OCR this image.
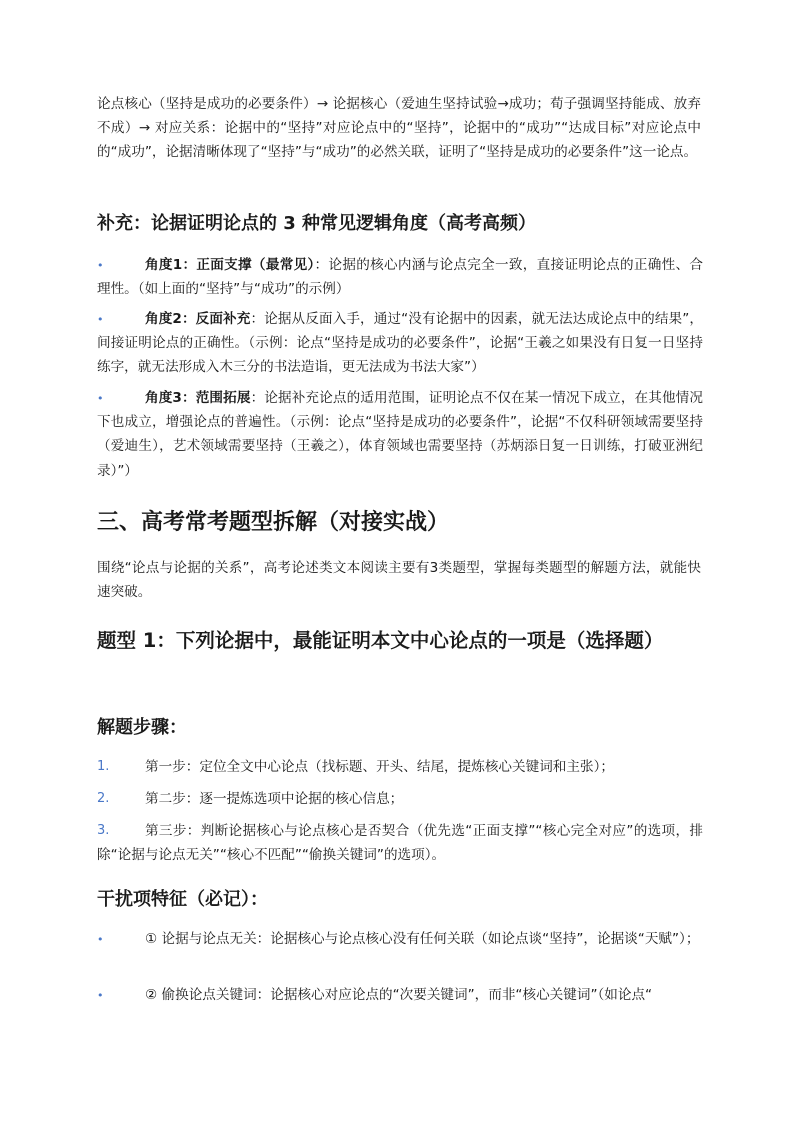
论点核心（坚持是成功的必要条件）→ 论据核心（爱迪生坚持试验→成功；荀子强调坚持能成、放弃不成）→ 对应关系：论据中的“坚持”对应论点中的“坚持”，论据中的“成功”“达成目标”对应论点中的“成功”，论据清晰体现了“坚持”与“成功”的必然关联，证明了“坚持是成功的必要条件”这一论点。

补充：论据证明论点的 3 种常见逻辑角度（高考高频）
•	角度1：正面支撑（最常见）：论据的核心内涵与论点完全一致，直接证明论点的正确性、合理性。（如上面的“坚持”与“成功”的示例）
•	角度2：反面补充：论据从反面入手，通过“没有论据中的因素，就无法达成论点中的结果”，间接证明论点的正确性。（示例：论点“坚持是成功的必要条件”，论据“王羲之如果没有日复一日坚持练字，就无法形成入木三分的书法造诣，更无法成为书法大家”）
•	角度3：范围拓展：论据补充论点的适用范围，证明论点不仅在某一情况下成立，在其他情况下也成立，增强论点的普遍性。（示例：论点“坚持是成功的必要条件”，论据“不仅科研领域需要坚持（爱迪生），艺术领域需要坚持（王羲之），体育领域也需要坚持（苏炳添日复一日训练，打破亚洲纪录）”）
三、高考常考题型拆解（对接实战）

围绕“论点与论据的关系”，高考论述类文本阅读主要有3类题型，掌握每类题型的解题方法，就能快速突破。

题型 1：下列论据中，最能证明本文中心论点的一项是（选择题）
解题步骤：
1.	第一步：定位全文中心论点（找标题、开头、结尾，提炼核心关键词和主张）；
2.	第二步：逐一提炼选项中论据的核心信息；
3.	第三步：判断论据核心与论点核心是否契合（优先选“正面支撑”“核心完全对应”的选项，排除“论据与论点无关”“核心不匹配”“偷换关键词”的选项）。
干扰项特征（必记）：
•	① 论据与论点无关：论据核心与论点核心没有任何关联（如论点谈“坚持”，论据谈“天赋”）；
•	② 偷换论点关键词：论据核心对应论点的“次要关键词”，而非“核心关键词”（如论点“
